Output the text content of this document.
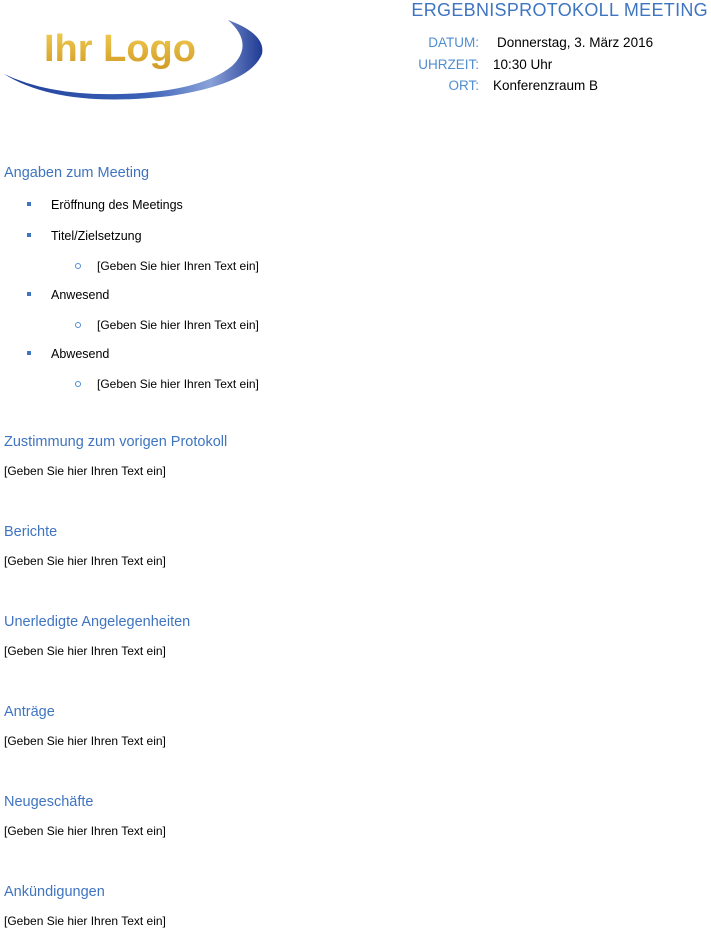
Ihr Logo
ERGEBNISPROTOKOLL MEETING
DATUM:	Donnerstag, 3. März 2016
UHRZEIT:	10:30 Uhr
ORT:	Konferenzraum B
Angaben zum Meeting
Eröffnung des Meetings
Titel/Zielsetzung
[Geben Sie hier Ihren Text ein]
Anwesend
[Geben Sie hier Ihren Text ein]
Abwesend
[Geben Sie hier Ihren Text ein]
Zustimmung zum vorigen Protokoll

[Geben Sie hier Ihren Text ein]

Berichte

[Geben Sie hier Ihren Text ein]

Unerledigte Angelegenheiten

[Geben Sie hier Ihren Text ein]

Anträge

[Geben Sie hier Ihren Text ein]

Neugeschäfte

[Geben Sie hier Ihren Text ein]

Ankündigungen

[Geben Sie hier Ihren Text ein]
